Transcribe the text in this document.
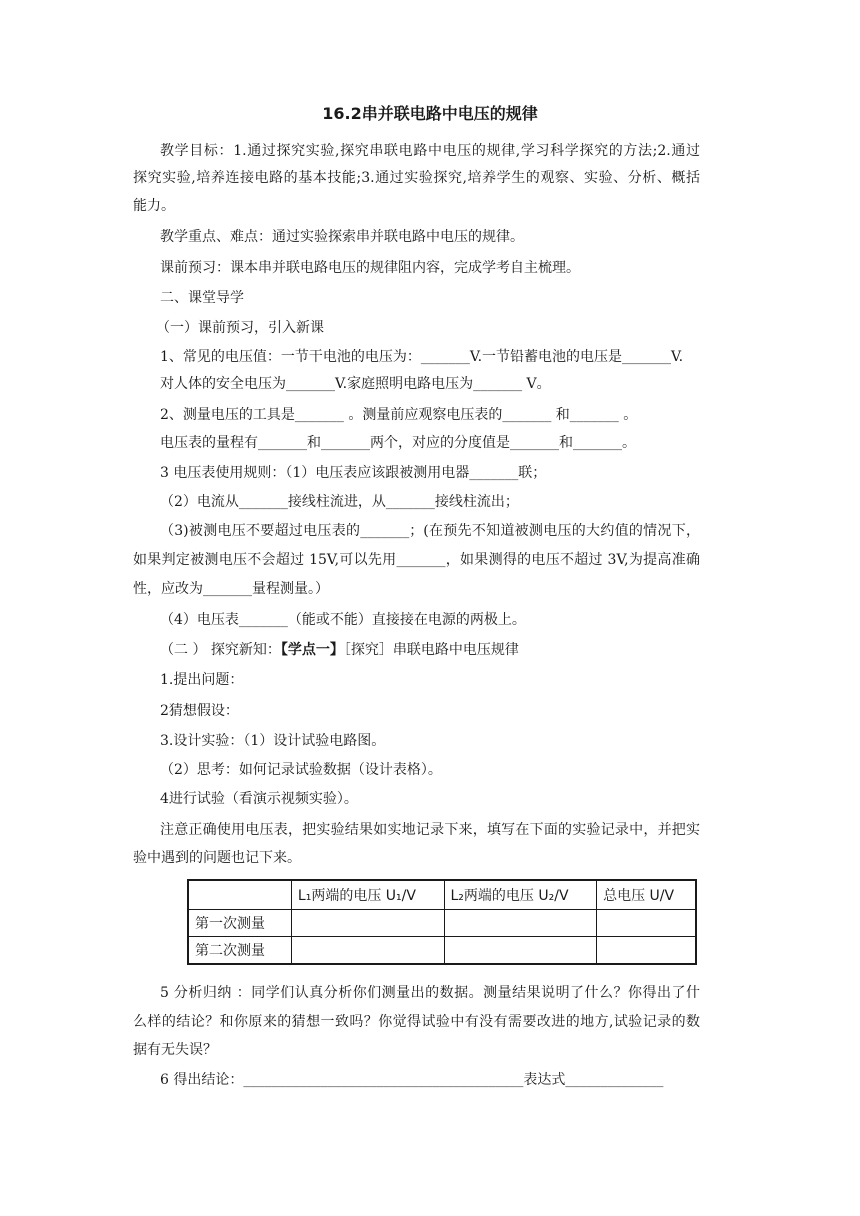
16.2串并联电路中电压的规律
教学目标：1.通过探究实验,探究串联电路中电压的规律,学习科学探究的方法;2.通过
探究实验,培养连接电路的基本技能;3.通过实验探究,培养学生的观察、实验、分析、概括
能力。
教学重点、难点：通过实验探索串并联电路中电压的规律。
课前预习：课本串并联电路电压的规律阻内容，完成学考自主梳理。
二、课堂导学
（一）课前预习，引入新课
1、常见的电压值：一节干电池的电压为：_______V.一节铅蓄电池的电压是_______V.
对人体的安全电压为_______V.家庭照明电路电压为_______ V。
2、测量电压的工具是_______ 。测量前应观察电压表的_______ 和_______ 。
电压表的量程有_______和_______两个，对应的分度值是_______和_______。
3 电压表使用规则：（1）电压表应该跟被测用电器_______联；
（2）电流从_______接线柱流进，从_______接线柱流出；
（3)被测电压不要超过电压表的_______；(在预先不知道被测电压的大约值的情况下，
如果判定被测电压不会超过 15V,可以先用_______，如果测得的电压不超过 3V,为提高准确
性，应改为_______量程测量。）
（4）电压表_______（能或不能）直接接在电源的两极上。
（二 ） 探究新知：【学点一】［探究］串联电路中电压规律
1.提出问题：
2猜想假设：
3.设计实验：（1）设计试验电路图。
（2）思考：如何记录试验数据（设计表格）。
4进行试验（看演示视频实验）。
注意正确使用电压表，把实验结果如实地记录下来，填写在下面的实验记录中，并把实
验中遇到的问题也记下来。
	L₁两端的电压 U₁/V	L₂两端的电压 U₂/V	总电压 U/V
第一次测量			
第二次测量			
5 分析归纳 ：同学们认真分析你们测量出的数据。测量结果说明了什么？你得出了什
么样的结论？和你原来的猜想一致吗？你觉得试验中有没有需要改进的地方,试验记录的数
据有无失误？
6 得出结论：________________________________________表达式______________
